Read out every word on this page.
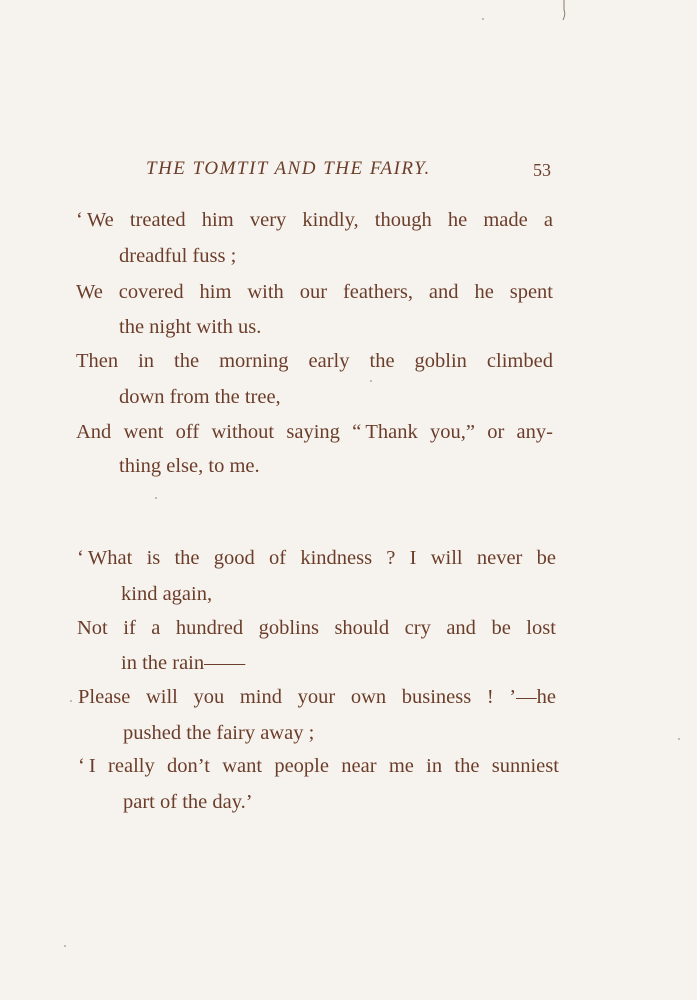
THE TOMTIT AND THE FAIRY.	53
‘ We treated him very kindly, though he made a
dreadful fuss ;
We covered him with our feathers, and he spent
the night with us.
Then in the morning early the goblin climbed
down from the tree,
And went off without saying “ Thank you,” or any-
thing else, to me.
‘ What is the good of kindness ? I will never be
kind again,
Not if a hundred goblins should cry and be lost
in the rain——
Please will you mind your own business ! ’—he
pushed the fairy away ;
‘ I really don’t want people near me in the sunniest
part of the day.’
